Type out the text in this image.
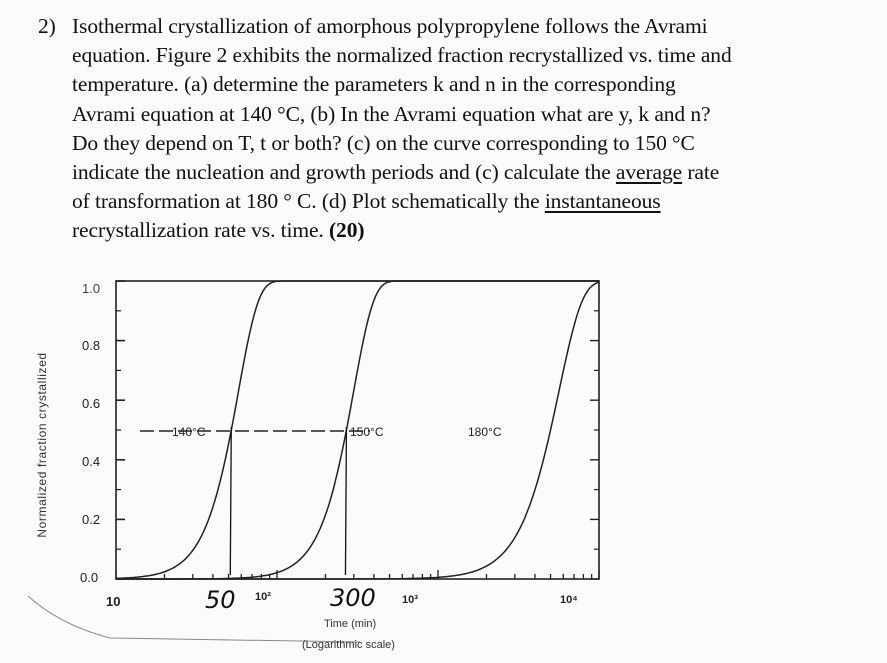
2) Isothermal crystallization of amorphous polypropylene follows the Avrami
equation. Figure 2 exhibits the normalized fraction recrystallized vs. time and
temperature. (a) determine the parameters k and n in the corresponding
Avrami equation at 140 °C, (b) In the Avrami equation what are y, k and n?
Do they depend on T, t or both? (c) on the curve corresponding to 150 °C
indicate the nucleation and growth periods and (c) calculate the average rate
of transformation at 180 ° C. (d) Plot schematically the instantaneous
recrystallization rate vs. time. (20)
Normalized fraction crystallized
0.0
0.2
0.4
0.6
0.8
1.0
10	10²	10³	10⁴
50	300
Time (min)
(Logarithmic scale)
140°C	150°C	180°C
